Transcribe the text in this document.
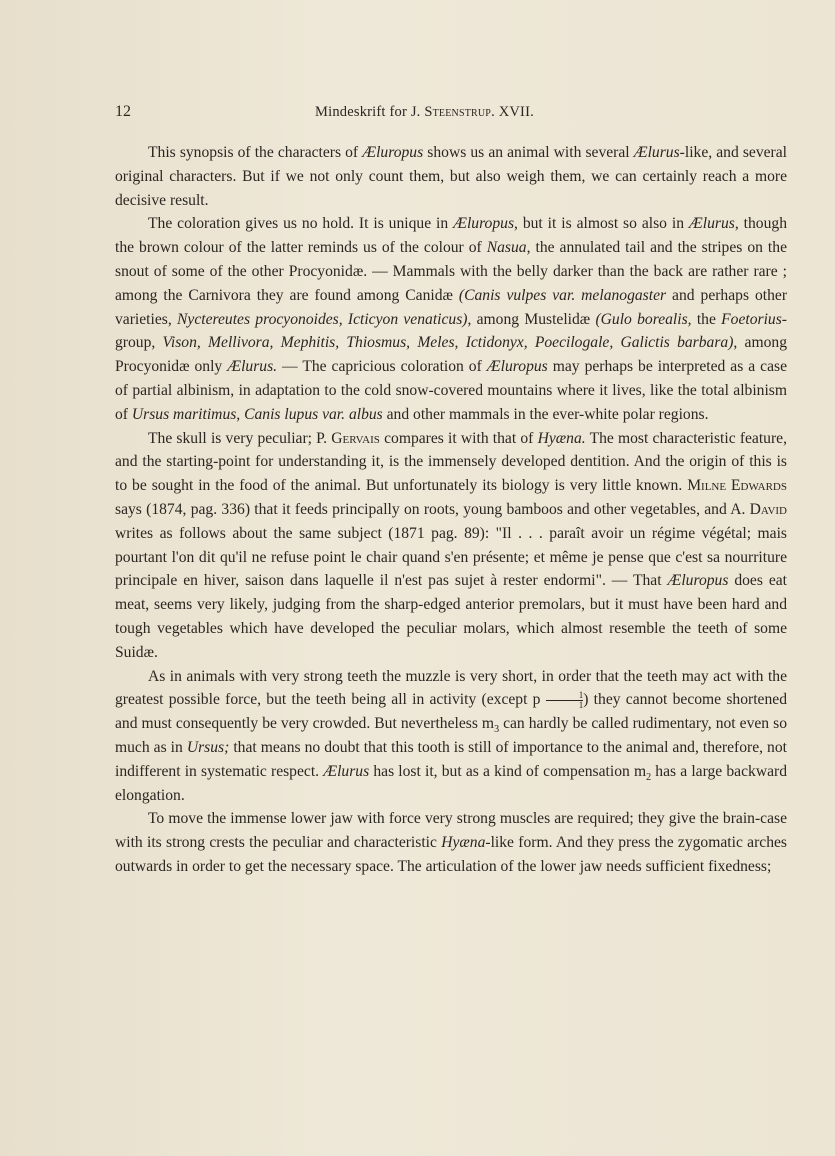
12	Mindeskrift for J. Steenstrup. XVII.

This synopsis of the characters of Æluropus shows us an animal with several Ælurus-like, and several original characters. But if we not only count them, but also weigh them, we can certainly reach a more decisive result.

The coloration gives us no hold. It is unique in Æluropus, but it is almost so also in Ælurus, though the brown colour of the latter reminds us of the colour of Nasua, the annulated tail and the stripes on the snout of some of the other Procyonidæ. — Mammals with the belly darker than the back are rather rare ; among the Carnivora they are found among Canidæ (Canis vulpes var. melanogaster and perhaps other varieties, Nyctereutes procyonoides, Icticyon venaticus), among Mustelidæ (Gulo borealis, the Foetorius-group, Vison, Mellivora, Mephitis, Thiosmus, Meles, Ictidonyx, Poecilogale, Galictis barbara), among Procyonidæ only Ælurus. — The capricious coloration of Æluropus may perhaps be interpreted as a case of partial albinism, in adaptation to the cold snow-covered mountains where it lives, like the total albinism of Ursus maritimus, Canis lupus var. albus and other mammals in the ever-white polar regions.

The skull is very peculiar; P. Gervais compares it with that of Hyæna. The most characteristic feature, and the starting-point for understanding it, is the immensely developed dentition. And the origin of this is to be sought in the food of the animal. But unfortunately its biology is very little known. Milne Edwards says (1874, pag. 336) that it feeds principally on roots, young bamboos and other vegetables, and A. David writes as follows about the same subject (1871 pag. 89): "Il . . . paraît avoir un régime végétal; mais pourtant l'on dit qu'il ne refuse point le chair quand s'en présente; et même je pense que c'est sa nourriture principale en hiver, saison dans laquelle il n'est pas sujet à rester endormi". — That Æluropus does eat meat, seems very likely, judging from the sharp-edged anterior premolars, but it must have been hard and tough vegetables which have developed the peculiar molars, which almost resemble the teeth of some Suidæ.

As in animals with very strong teeth the muzzle is very short, in order that the teeth may act with the greatest possible force, but the teeth being all in activity (except p $\frac{1}{1}$ ) they cannot become shortened and must consequently be very crowded. But nevertheless $m_3$ can hardly be called rudimentary, not even so much as in Ursus; that means no doubt that this tooth is still of importance to the animal and, therefore, not indifferent in systematic respect. Ælurus has lost it, but as a kind of compensation $m_2$ has a large backward elongation.

To move the immense lower jaw with force very strong muscles are required; they give the brain-case with its strong crests the peculiar and characteristic Hyæna-like form. And they press the zygomatic arches outwards in order to get the necessary space. The articulation of the lower jaw needs sufficient fixedness;
